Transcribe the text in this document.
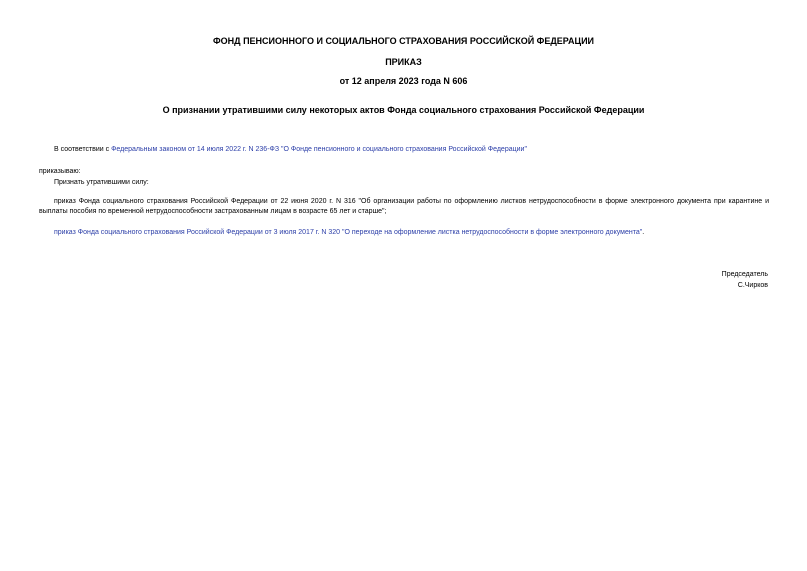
ФОНД ПЕНСИОННОГО И СОЦИАЛЬНОГО СТРАХОВАНИЯ РОССИЙСКОЙ ФЕДЕРАЦИИ
ПРИКАЗ
от 12 апреля 2023 года N 606
О признании утратившими силу некоторых актов Фонда социального страхования Российской Федерации
В соответствии с Федеральным законом от 14 июля 2022 г. N 236-ФЗ "О Фонде пенсионного и социального страхования Российской Федерации"
приказываю:
Признать утратившими силу:
приказ Фонда социального страхования Российской Федерации от 22 июня 2020 г. N 316 "Об организации работы по оформлению листков нетрудоспособности в форме электронного документа при карантине и выплаты пособия по временной нетрудоспособности застрахованным лицам в возрасте 65 лет и старше";
приказ Фонда социального страхования Российской Федерации от 3 июля 2017 г. N 320 "О переходе на оформление листка нетрудоспособности в форме электронного документа".
Председатель
С.Чирков
